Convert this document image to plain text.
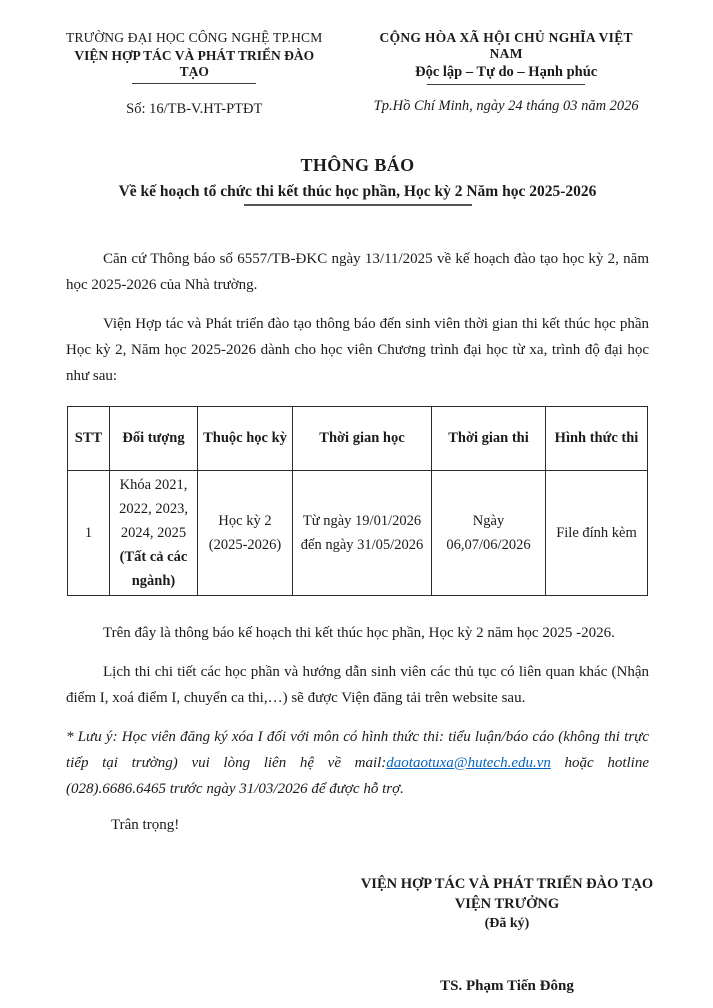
TRƯỜNG ĐẠI HỌC CÔNG NGHỆ TP.HCM
VIỆN HỢP TÁC VÀ PHÁT TRIỂN ĐÀO TẠO
Số: 16/TB-V.HT-PTĐT
CỘNG HÒA XÃ HỘI CHỦ NGHĨA VIỆT NAM
Độc lập – Tự do – Hạnh phúc
Tp.Hồ Chí Minh, ngày 24 tháng 03 năm 2026
THÔNG BÁO
Về kế hoạch tổ chức thi kết thúc học phần, Học kỳ 2 Năm học 2025-2026

Căn cứ Thông báo số 6557/TB-ĐKC ngày 13/11/2025 về kế hoạch đào tạo học kỳ 2, năm học 2025-2026 của Nhà trường.

Viện Hợp tác và Phát triển đào tạo thông báo đến sinh viên thời gian thi kết thúc học phần Học kỳ 2, Năm học 2025-2026 dành cho học viên Chương trình đại học từ xa, trình độ đại học như sau:

STT	Đối tượng	Thuộc học kỳ	Thời gian học	Thời gian thi	Hình thức thi
1	Khóa 2021, 2022, 2023, 2024, 2025 (Tất cả các ngành)	Học kỳ 2 (2025-2026)	Từ ngày 19/01/2026 đến ngày 31/05/2026	Ngày 06,07/06/2026	File đính kèm

Trên đây là thông báo kế hoạch thi kết thúc học phần, Học kỳ 2 năm học 2025 -2026.

Lịch thi chi tiết các học phần và hướng dẫn sinh viên các thủ tục có liên quan khác (Nhận điểm I, xoá điểm I, chuyển ca thi,…) sẽ được Viện đăng tải trên website sau.

* Lưu ý: Học viên đăng ký xóa I đối với môn có hình thức thi: tiểu luận/báo cáo (không thi trực tiếp tại trường) vui lòng liên hệ về mail:daotaotuxa@hutech.edu.vn hoặc hotline (028).6686.6465 trước ngày 31/03/2026 để được hỗ trợ.

Trân trọng!

VIỆN HỢP TÁC VÀ PHÁT TRIỂN ĐÀO TẠO
VIỆN TRƯỞNG
(Đã ký)
TS. Phạm Tiến Đông
